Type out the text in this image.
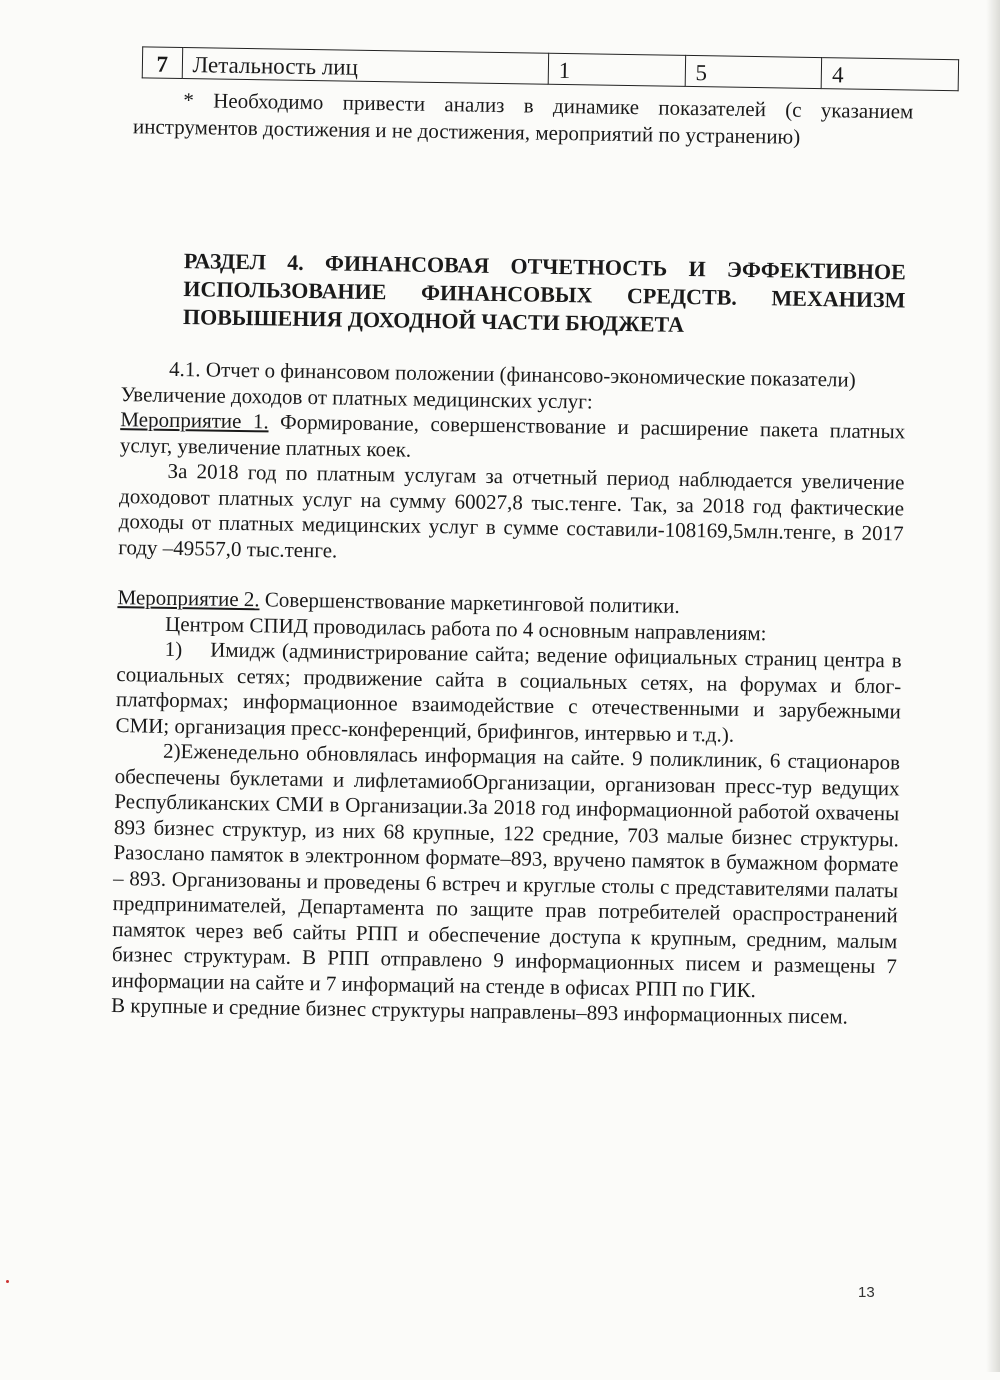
7	Летальность лиц	1	5	4

* Необходимо привести анализ в динамике показателей (с указанием инструментов достижения и не достижения, мероприятий по устранению)

РАЗДЕЛ 4. ФИНАНСОВАЯ ОТЧЕТНОСТЬ И ЭФФЕКТИВНОЕ ИСПОЛЬЗОВАНИЕ ФИНАНСОВЫХ СРЕДСТВ. МЕХАНИЗМ ПОВЫШЕНИЯ ДОХОДНОЙ ЧАСТИ БЮДЖЕТА

4.1. Отчет о финансовом положении (финансово-экономические показатели)

Увеличение доходов от платных медицинских услуг:

Мероприятие 1. Формирование, совершенствование и расширение пакета платных услуг, увеличение платных коек.

За 2018 год по платным услугам за отчетный период наблюдается увеличение доходовот платных услуг на сумму 60027,8 тыс.тенге. Так, за 2018 год фактические доходы от платных медицинских услуг в сумме составили-108169,5млн.тенге, в 2017 году –49557,0 тыс.тенге.

Мероприятие 2. Совершенствование маркетинговой политики.

Центром СПИД проводилась работа по 4 основным направлениям:

1)  Имидж (администрирование сайта; ведение официальных страниц центра в социальных сетях; продвижение сайта в социальных сетях, на форумах и блог-платформах; информационное взаимодействие с отечественными и зарубежными СМИ; организация пресс-конференций, брифингов, интервью и т.д.).

2)Еженедельно обновлялась информация на сайте. 9 поликлиник, 6 стационаров обеспечены буклетами и лифлетамиобОрганизации, организован пресс-тур ведущих Республиканских СМИ в Организации.За 2018 год информационной работой охвачены 893 бизнес структур, из них 68 крупные, 122 средние, 703 малые бизнес структуры. Разослано памяток в электронном формате–893, вручено памяток в бумажном формате – 893. Организованы и проведены 6 встреч и круглые столы с представителями палаты предпринимателей, Департамента по защите прав потребителей ораспространений памяток через веб сайты РПП и обеспечение доступа к крупным, средним, малым бизнес структурам. В РПП отправлено 9 информационных писем и размещены 7 информации на сайте и 7 информаций на стенде в офисах РПП по ГИК.

В крупные и средние бизнес структуры направлены–893 информационных писем.

13
